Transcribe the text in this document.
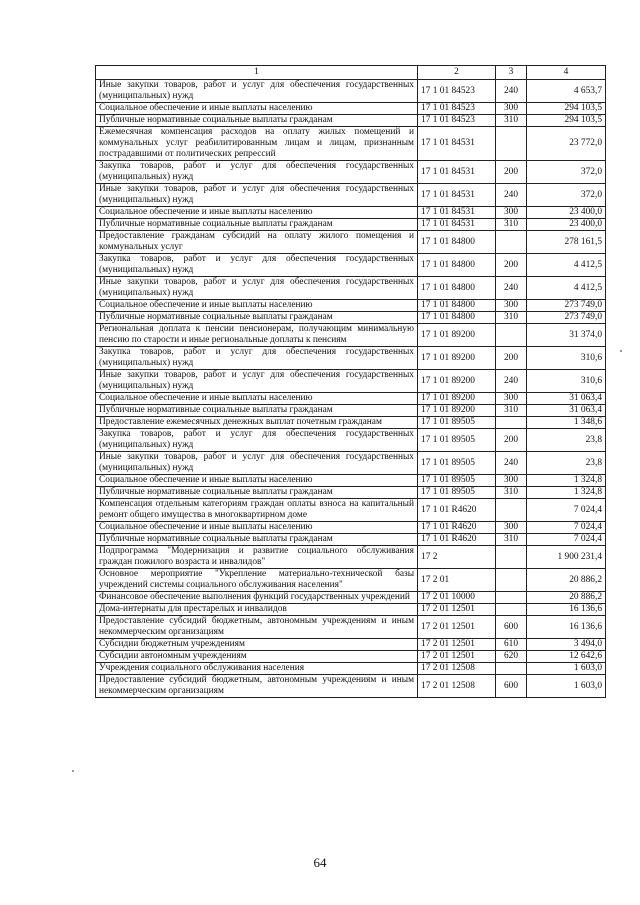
1	2	3	4
Иные закупки товаров, работ и услуг для обеспечения государственных (муниципальных) нужд	17 1 01 84523	240	4 653,7
Социальное обеспечение и иные выплаты населению	17 1 01 84523	300	294 103,5
Публичные нормативные социальные выплаты гражданам	17 1 01 84523	310	294 103,5
Ежемесячная компенсация расходов на оплату жилых помещений и коммунальных услуг реабилитированным лицам и лицам, признанным пострадавшими от политических репрессий	17 1 01 84531		23 772,0
Закупка товаров, работ и услуг для обеспечения государственных (муниципальных) нужд	17 1 01 84531	200	372,0
Иные закупки товаров, работ и услуг для обеспечения государственных (муниципальных) нужд	17 1 01 84531	240	372,0
Социальное обеспечение и иные выплаты населению	17 1 01 84531	300	23 400,0
Публичные нормативные социальные выплаты гражданам	17 1 01 84531	310	23 400,0
Предоставление гражданам субсидий на оплату жилого помещения и коммунальных услуг	17 1 01 84800		278 161,5
Закупка товаров, работ и услуг для обеспечения государственных (муниципальных) нужд	17 1 01 84800	200	4 412,5
Иные закупки товаров, работ и услуг для обеспечения государственных (муниципальных) нужд	17 1 01 84800	240	4 412,5
Социальное обеспечение и иные выплаты населению	17 1 01 84800	300	273 749,0
Публичные нормативные социальные выплаты гражданам	17 1 01 84800	310	273 749,0
Региональная доплата к пенсии пенсионерам, получающим минимальную пенсию по старости и иные региональные доплаты к пенсиям	17 1 01 89200		31 374,0
Закупка товаров, работ и услуг для обеспечения государственных (муниципальных) нужд	17 1 01 89200	200	310,6
Иные закупки товаров, работ и услуг для обеспечения государственных (муниципальных) нужд	17 1 01 89200	240	310,6
Социальное обеспечение и иные выплаты населению	17 1 01 89200	300	31 063,4
Публичные нормативные социальные выплаты гражданам	17 1 01 89200	310	31 063,4
Предоставление ежемесячных денежных выплат почетным гражданам	17 1 01 89505		1 348,6
Закупка товаров, работ и услуг для обеспечения государственных (муниципальных) нужд	17 1 01 89505	200	23,8
Иные закупки товаров, работ и услуг для обеспечения государственных (муниципальных) нужд	17 1 01 89505	240	23,8
Социальное обеспечение и иные выплаты населению	17 1 01 89505	300	1 324,8
Публичные нормативные социальные выплаты гражданам	17 1 01 89505	310	1 324,8
Компенсация отдельным категориям граждан оплаты взноса на капитальный ремонт общего имущества в многоквартирном доме	17 1 01 R4620		7 024,4
Социальное обеспечение и иные выплаты населению	17 1 01 R4620	300	7 024,4
Публичные нормативные социальные выплаты гражданам	17 1 01 R4620	310	7 024,4
Подпрограмма "Модернизация и развитие социального обслуживания граждан пожилого возраста и инвалидов"	17 2		1 900 231,4
Основное мероприятие "Укрепление материально-технической базы учреждений системы социального обслуживания населения"	17 2 01		20 886,2
Финансовое обеспечение выполнения функций государственных учреждений	17 2 01 10000		20 886,2
Дома-интернаты для престарелых и инвалидов	17 2 01 12501		16 136,6
Предоставление субсидий бюджетным, автономным учреждениям и иным некоммерческим организациям	17 2 01 12501	600	16 136,6
Субсидии бюджетным учреждениям	17 2 01 12501	610	3 494,0
Субсидии автономным учреждениям	17 2 01 12501	620	12 642,6
Учреждения социального обслуживания населения	17 2 01 12508		1 603,0
Предоставление субсидий бюджетным, автономным учреждениям и иным некоммерческим организациям	17 2 01 12508	600	1 603,0
64
